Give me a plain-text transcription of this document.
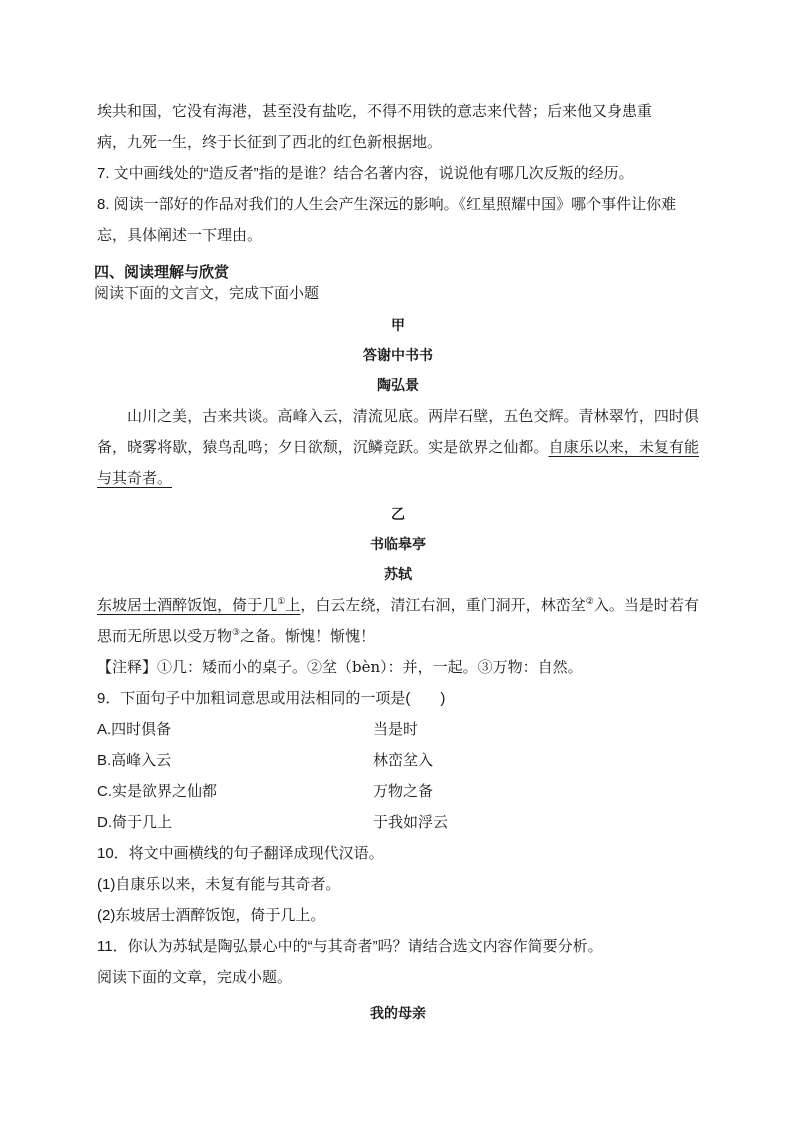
埃共和国，它没有海港，甚至没有盐吃，不得不用铁的意志来代替；后来他又身患重
病，九死一生，终于长征到了西北的红色新根据地。

7. 文中画线处的“造反者”指的是谁？结合名著内容，说说他有哪几次反叛的经历。

8. 阅读一部好的作品对我们的人生会产生深远的影响。《红星照耀中国》哪个事件让你难忘，具体阐述一下理由。

四、阅读理解与欣赏
阅读下面的文言文，完成下面小题

甲

答谢中书书

陶弘景

山川之美，古来共谈。高峰入云，清流见底。两岸石壁，五色交辉。青林翠竹，四时俱备，晓雾将歇，猿鸟乱鸣；夕日欲颓，沉鳞竞跃。实是欲界之仙都。自康乐以来，未复有能与其奇者。

乙

书临皋亭

苏轼

东坡居士酒醉饭饱，倚于几①上，白云左绕，清江右洄，重门洞开，林峦坌②入。当是时若有思而无所思以受万物③之备。惭愧！惭愧！

【注释】①几：矮而小的桌子。②坌（bèn）：并，一起。③万物：自然。

9．下面句子中加粗词意思或用法相同的一项是(　　)

A.四时俱备	当是时
B.高峰入云	林峦坌入
C.实是欲界之仙都	万物之备
D.倚于几上	于我如浮云

10．将文中画横线的句子翻译成现代汉语。

(1)自康乐以来，未复有能与其奇者。

(2)东坡居士酒醉饭饱，倚于几上。

11．你认为苏轼是陶弘景心中的“与其奇者”吗？请结合选文内容作简要分析。

阅读下面的文章，完成小题。

我的母亲
